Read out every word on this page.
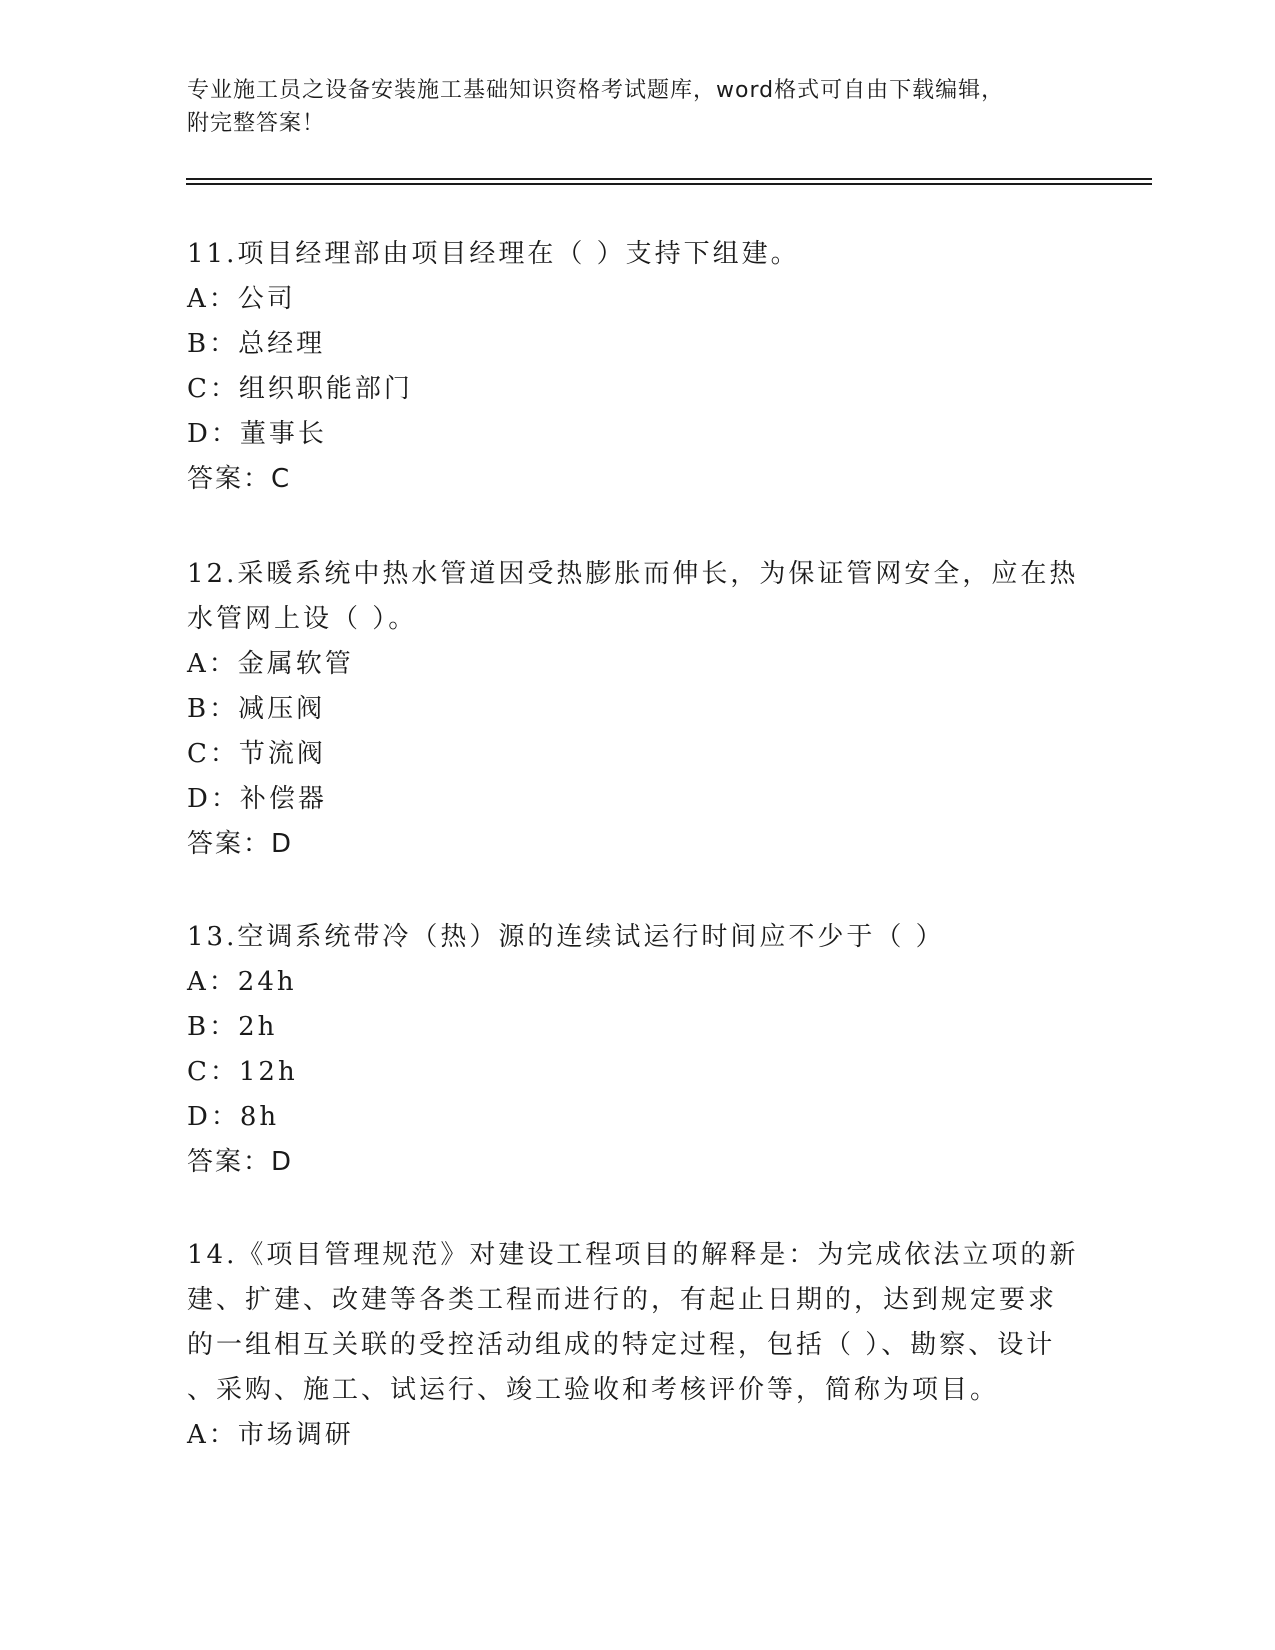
专业施工员之设备安装施工基础知识资格考试题库，word格式可自由下载编辑，
附完整答案！
11.项目经理部由项目经理在（ ）支持下组建。
A：公司
B：总经理
C：组织职能部门
D：董事长
答案：C
12.采暖系统中热水管道因受热膨胀而伸长，为保证管网安全，应在热
水管网上设（ ）。
A：金属软管
B：减压阀
C：节流阀
D：补偿器
答案：D
13.空调系统带冷（热）源的连续试运行时间应不少于（ ）
A：24h
B：2h
C：12h
D：8h
答案：D
14.《项目管理规范》对建设工程项目的解释是：为完成依法立项的新
建、扩建、改建等各类工程而进行的，有起止日期的，达到规定要求
的一组相互关联的受控活动组成的特定过程，包括（ ）、勘察、设计
、采购、施工、试运行、竣工验收和考核评价等，简称为项目。
A：市场调研
